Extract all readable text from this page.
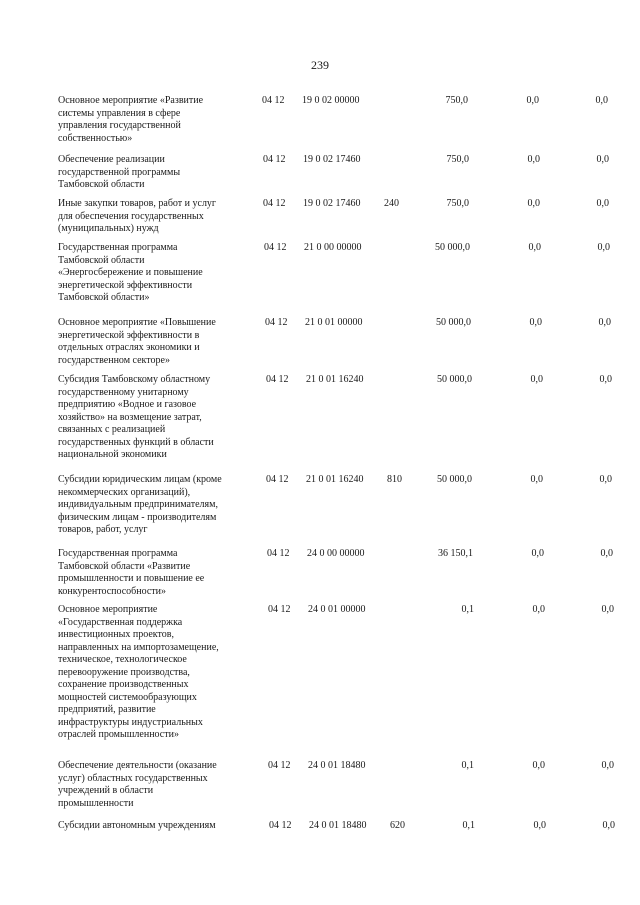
239
Основное мероприятие «Развитие
системы управления в сфере
управления государственной
собственностью»
04 12 19 0 02 00000	750,0	0,0	0,0
Обеспечение реализации
государственной программы
Тамбовской области
04 12 19 0 02 17460	750,0	0,0	0,0
Иные закупки товаров, работ и услуг
для обеспечения государственных
(муниципальных) нужд
04 12 19 0 02 17460 240	750,0	0,0	0,0
Государственная программа
Тамбовской области
«Энергосбережение и повышение
энергетической эффективности
Тамбовской области»
04 12 21 0 00 00000	50 000,0	0,0	0,0
Основное мероприятие «Повышение
энергетической эффективности в
отдельных отраслях экономики и
государственном секторе»
04 12 21 0 01 00000	50 000,0	0,0	0,0
Субсидия Тамбовскому областному
государственному унитарному
предприятию «Водное и газовое
хозяйство» на возмещение затрат,
связанных с реализацией
государственных функций в области
национальной экономики
04 12 21 0 01 16240	50 000,0	0,0	0,0
Субсидии юридическим лицам (кроме
некоммерческих организаций),
индивидуальным предпринимателям,
физическим лицам - производителям
товаров, работ, услуг
04 12 21 0 01 16240 810	50 000,0	0,0	0,0
Государственная программа
Тамбовской области «Развитие
промышленности и повышение ее
конкурентоспособности»
04 12 24 0 00 00000	36 150,1	0,0	0,0
Основное мероприятие
«Государственная поддержка
инвестиционных проектов,
направленных на импортозамещение,
техническое, технологическое
перевооружение производства,
сохранение производственных
мощностей системообразующих
предприятий, развитие
инфраструктуры индустриальных
отраслей промышленности»
04 12 24 0 01 00000	0,1	0,0	0,0
Обеспечение деятельности (оказание
услуг) областных государственных
учреждений в области
промышленности
04 12 24 0 01 18480	0,1	0,0	0,0
Субсидии автономным учреждениям	04 12 24 0 01 18480 620	0,1	0,0	0,0
